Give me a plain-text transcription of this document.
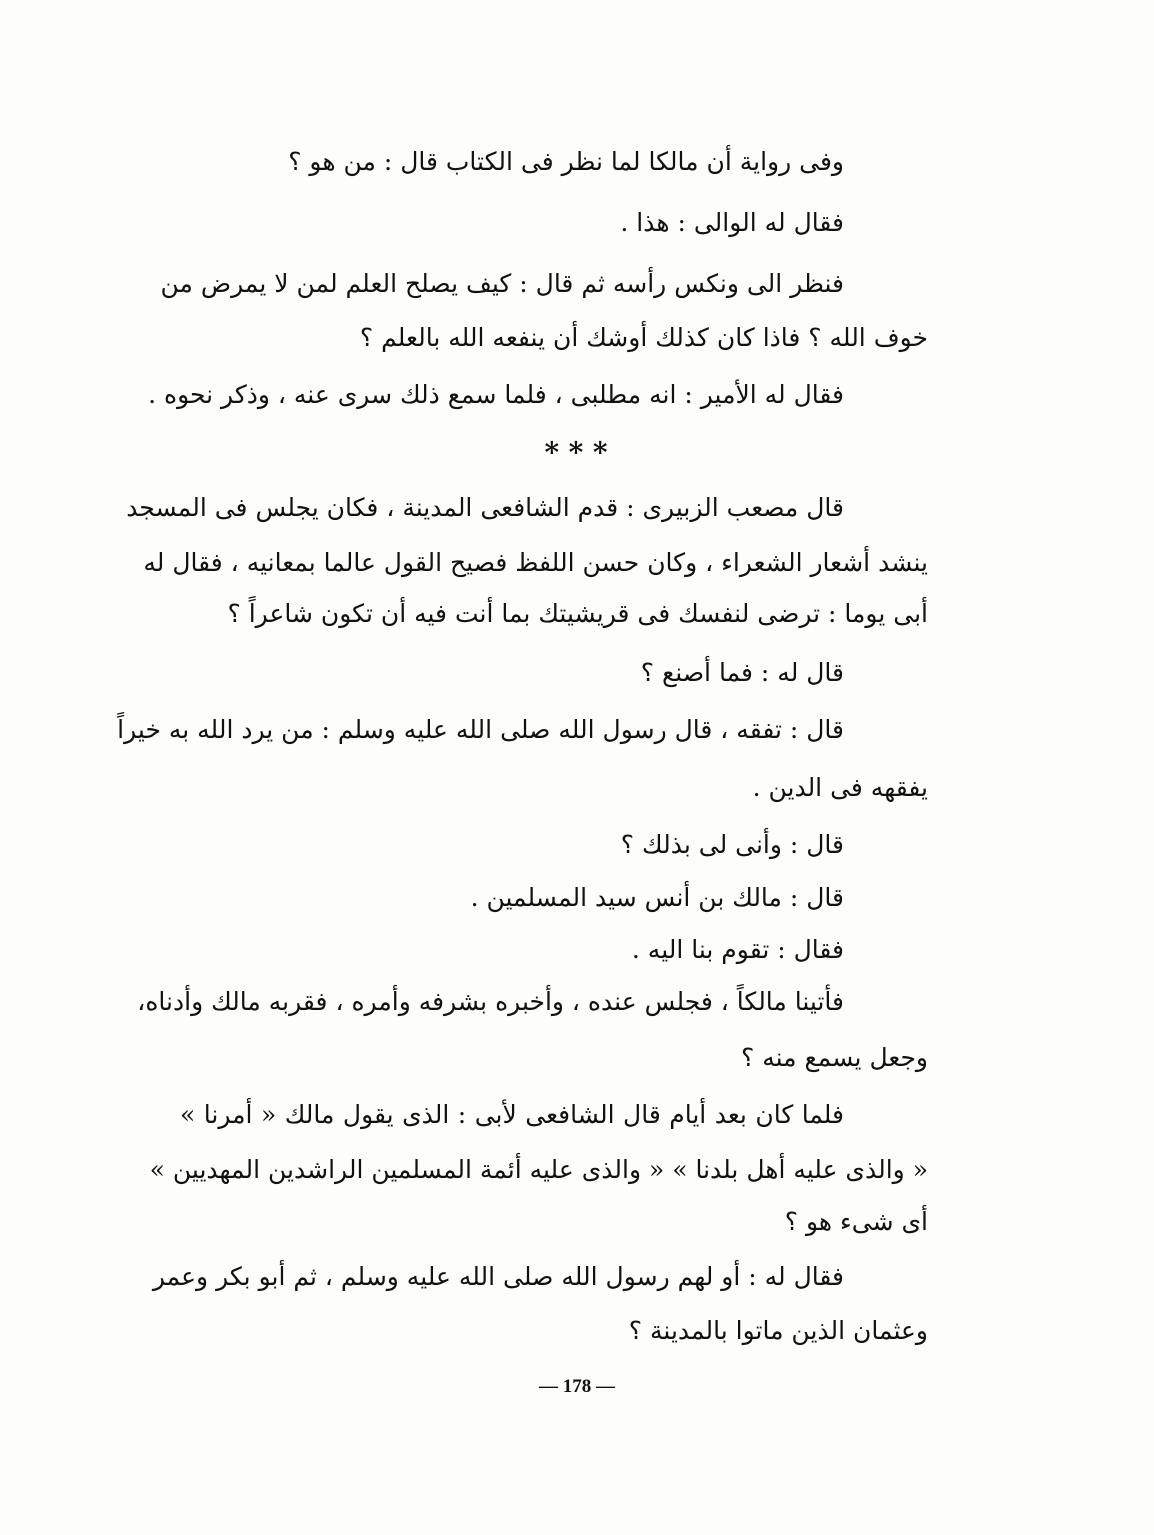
وفى رواية أن مالكا لما نظر فى الكتاب قال : من هو ؟
فقال له الوالى : هذا .
فنظر الى ونكس رأسه ثم قال : كيف يصلح العلم لمن لا يمرض من
خوف الله ؟ فاذا كان كذلك أوشك أن ينفعه الله بالعلم ؟
فقال له الأمير : انه مطلبى ، فلما سمع ذلك سرى عنه ، وذكر نحوه .
* * *
قال مصعب الزبيرى : قدم الشافعى المدينة ، فكان يجلس فى المسجد
ينشد أشعار الشعراء ، وكان حسن اللفظ فصيح القول عالما بمعانيه ، فقال له
أبى يوما : ترضى لنفسك فى قريشيتك بما أنت فيه أن تكون شاعراً ؟
قال له : فما أصنع ؟
قال : تفقه ، قال رسول الله صلى الله عليه وسلم : من يرد الله به خيراً
يفقهه فى الدين .
قال : وأنى لى بذلك ؟
قال : مالك بن أنس سيد المسلمين .
فقال : تقوم بنا اليه .
فأتينا مالكاً ، فجلس عنده ، وأخبره بشرفه وأمره ، فقربه مالك وأدناه،
وجعل يسمع منه ؟
فلما كان بعد أيام قال الشافعى لأبى : الذى يقول مالك « أمرنا »
« والذى عليه أهل بلدنا » « والذى عليه أئمة المسلمين الراشدين المهديين »
أى شىء هو ؟
فقال له : أو لهم رسول الله صلى الله عليه وسلم ، ثم أبو بكر وعمر
وعثمان الذين ماتوا بالمدينة ؟
— 178 —
